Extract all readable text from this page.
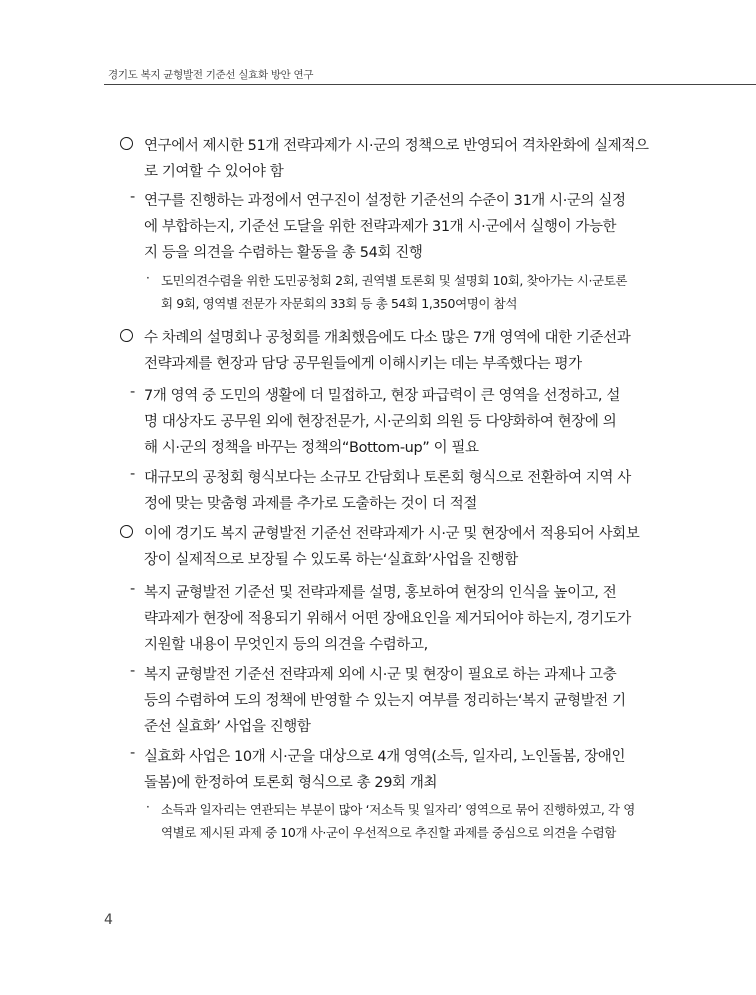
경기도 복지 균형발전 기준선 실효화 방안 연구
연구에서 제시한 51개 전략과제가 시·군의 정책으로 반영되어 격차완화에 실제적으
로 기여할 수 있어야 함
- 연구를 진행하는 과정에서 연구진이 설정한 기준선의 수준이 31개 시·군의 실정
에 부합하는지, 기준선 도달을 위한 전략과제가 31개 시·군에서 실행이 가능한
지 등을 의견을 수렴하는 활동을 총 54회 진행
· 도민의견수렴을 위한 도민공청회 2회, 권역별 토론회 및 설명회 10회, 찾아가는 시·군토론
회 9회, 영역별 전문가 자문회의 33회 등 총 54회 1,350여명이 참석
수 차례의 설명회나 공청회를 개최했음에도 다소 많은 7개 영역에 대한 기준선과
전략과제를 현장과 담당 공무원들에게 이해시키는 데는 부족했다는 평가
- 7개 영역 중 도민의 생활에 더 밀접하고, 현장 파급력이 큰 영역을 선정하고, 설
명 대상자도 공무원 외에 현장전문가, 시·군의회 의원 등 다양화하여 현장에 의
해 시·군의 정책을 바꾸는 정책의“Bottom-up” 이 필요
- 대규모의 공청회 형식보다는 소규모 간담회나 토론회 형식으로 전환하여 지역 사
정에 맞는 맞춤형 과제를 추가로 도출하는 것이 더 적절
이에 경기도 복지 균형발전 기준선 전략과제가 시·군 및 현장에서 적용되어 사회보
장이 실제적으로 보장될 수 있도록 하는‘실효화’사업을 진행함
- 복지 균형발전 기준선 및 전략과제를 설명, 홍보하여 현장의 인식을 높이고, 전
략과제가 현장에 적용되기 위해서 어떤 장애요인을 제거되어야 하는지, 경기도가
지원할 내용이 무엇인지 등의 의견을 수렴하고,
- 복지 균형발전 기준선 전략과제 외에 시·군 및 현장이 필요로 하는 과제나 고충
등의 수렴하여 도의 정책에 반영할 수 있는지 여부를 정리하는‘복지 균형발전 기
준선 실효화’ 사업을 진행함
- 실효화 사업은 10개 시·군을 대상으로 4개 영역(소득, 일자리, 노인돌봄, 장애인
돌봄)에 한정하여 토론회 형식으로 총 29회 개최
· 소득과 일자리는 연관되는 부분이 많아 ‘저소득 및 일자리’ 영역으로 묶어 진행하였고, 각 영
역별로 제시된 과제 중 10개 사·군이 우선적으로 추진할 과제를 중심으로 의견을 수렴함
4
